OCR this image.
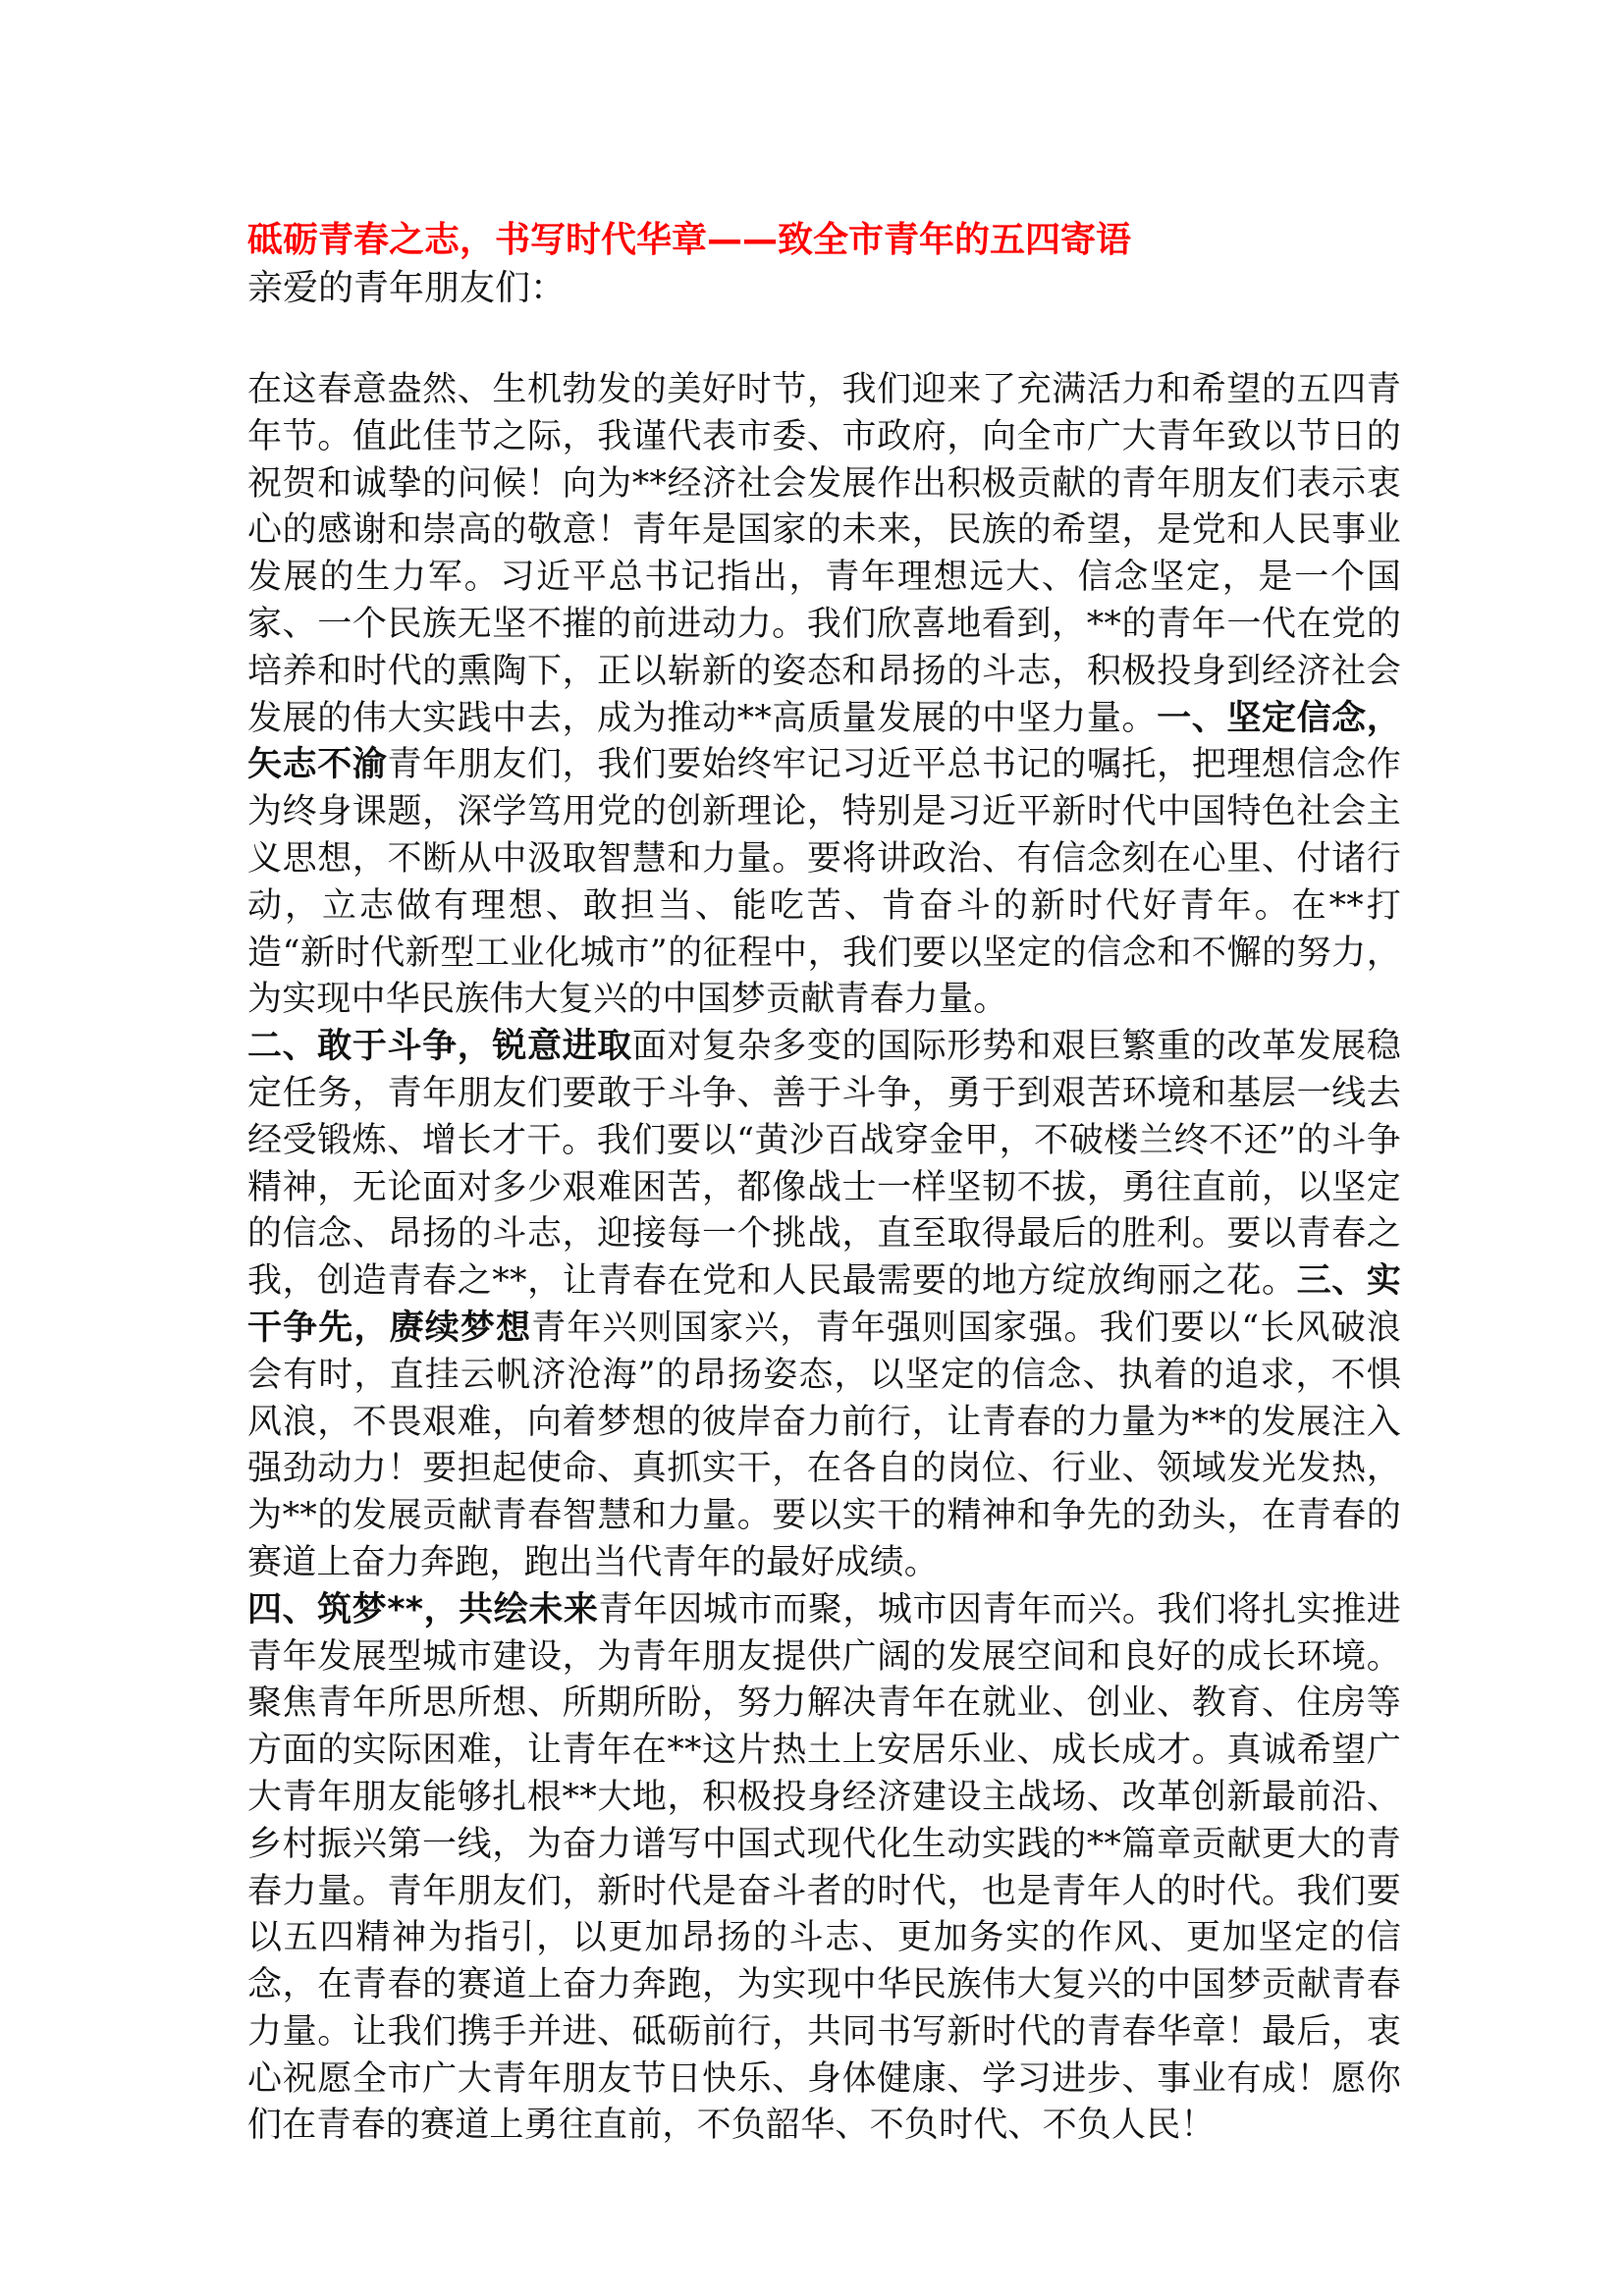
砥砺青春之志，书写时代华章——致全市青年的五四寄语

亲爱的青年朋友们：

在这春意盎然、生机勃发的美好时节，我们迎来了充满活力和希望的五四青年节。值此佳节之际，我谨代表市委、市政府，向全市广大青年致以节日的祝贺和诚挚的问候！向为**经济社会发展作出积极贡献的青年朋友们表示衷心的感谢和崇高的敬意！青年是国家的未来，民族的希望，是党和人民事业发展的生力军。习近平总书记指出，青年理想远大、信念坚定，是一个国家、一个民族无坚不摧的前进动力。我们欣喜地看到，**的青年一代在党的培养和时代的熏陶下，正以崭新的姿态和昂扬的斗志，积极投身到经济社会发展的伟大实践中去，成为推动**高质量发展的中坚力量。一、坚定信念，矢志不渝青年朋友们，我们要始终牢记习近平总书记的嘱托，把理想信念作为终身课题，深学笃用党的创新理论，特别是习近平新时代中国特色社会主义思想，不断从中汲取智慧和力量。要将讲政治、有信念刻在心里、付诸行动，立志做有理想、敢担当、能吃苦、肯奋斗的新时代好青年。在**打造“新时代新型工业化城市”的征程中，我们要以坚定的信念和不懈的努力，为实现中华民族伟大复兴的中国梦贡献青春力量。

二、敢于斗争，锐意进取面对复杂多变的国际形势和艰巨繁重的改革发展稳定任务，青年朋友们要敢于斗争、善于斗争，勇于到艰苦环境和基层一线去经受锻炼、增长才干。我们要以“黄沙百战穿金甲，不破楼兰终不还”的斗争精神，无论面对多少艰难困苦，都像战士一样坚韧不拔，勇往直前，以坚定的信念、昂扬的斗志，迎接每一个挑战，直至取得最后的胜利。要以青春之我，创造青春之**，让青春在党和人民最需要的地方绽放绚丽之花。三、实干争先，赓续梦想青年兴则国家兴，青年强则国家强。我们要以“长风破浪会有时，直挂云帆济沧海”的昂扬姿态，以坚定的信念、执着的追求，不惧风浪，不畏艰难，向着梦想的彼岸奋力前行，让青春的力量为**的发展注入强劲动力！要担起使命、真抓实干，在各自的岗位、行业、领域发光发热，为**的发展贡献青春智慧和力量。要以实干的精神和争先的劲头，在青春的赛道上奋力奔跑，跑出当代青年的最好成绩。

四、筑梦**，共绘未来青年因城市而聚，城市因青年而兴。我们将扎实推进青年发展型城市建设，为青年朋友提供广阔的发展空间和良好的成长环境。聚焦青年所思所想、所期所盼，努力解决青年在就业、创业、教育、住房等方面的实际困难，让青年在**这片热土上安居乐业、成长成才。真诚希望广大青年朋友能够扎根**大地，积极投身经济建设主战场、改革创新最前沿、乡村振兴第一线，为奋力谱写中国式现代化生动实践的**篇章贡献更大的青春力量。青年朋友们，新时代是奋斗者的时代，也是青年人的时代。我们要以五四精神为指引，以更加昂扬的斗志、更加务实的作风、更加坚定的信念，在青春的赛道上奋力奔跑，为实现中华民族伟大复兴的中国梦贡献青春力量。让我们携手并进、砥砺前行，共同书写新时代的青春华章！最后，衷心祝愿全市广大青年朋友节日快乐、身体健康、学习进步、事业有成！愿你们在青春的赛道上勇往直前，不负韶华、不负时代、不负人民！
